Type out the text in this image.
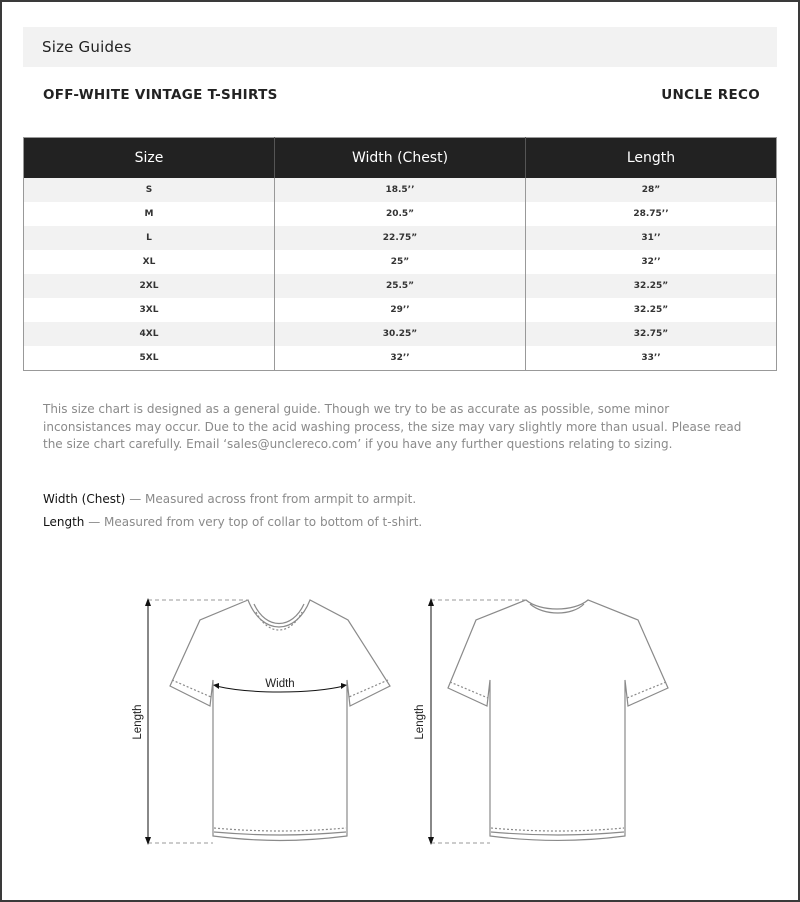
Size Guides
OFF-WHITE VINTAGE T-SHIRTS	UNCLE RECO
Size	Width (Chest)	Length
S	18.5’’	28”
M	20.5”	28.75’’
L	22.75”	31’’
XL	25”	32’’
2XL	25.5”	32.25”
3XL	29’’	32.25”
4XL	30.25”	32.75”
5XL	32’’	33’’
This size chart is designed as a general guide. Though we try to be as accurate as possible, some minor inconsistances may occur. Due to the acid washing process, the size may vary slightly more than usual. Please read the size chart carefully. Email ‘sales@unclereco.com’ if you have any further questions relating to sizing.
Width (Chest) — Measured across front from armpit to armpit.
Length — Measured from very top of collar to bottom of t-shirt.
Width
Length	Length
